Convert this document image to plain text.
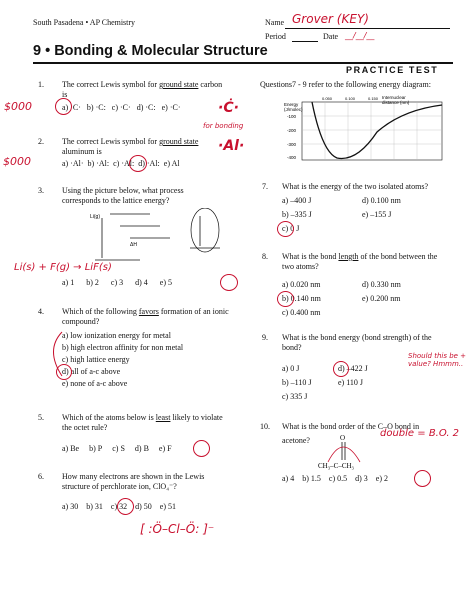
South Pasadena • AP Chemistry	Name Grover (KEY)
Period	Date __/__/__
9 • Bonding & Molecular Structure
PRACTICE TEST
1. The correct Lewis symbol for ground state carbon
is
a) ·C· b) ·C: c) ·C· d) ·C: e) ·C·
$000	·Ċ·
2. The correct Lewis symbol for ground state
aluminum is
a) ·Al· b) ·Al: c) ·Al: d) ·Al: e) Al
$000
for bonding
·Al·
3. Using the picture below, what process
corresponds to the lattice energy?
Li(g)
ΔH
Li(s) + F(g) → LiF(s)
a) 1 b) 2 c) 3 d) 4 e) 5
4. Which of the following favors formation of an ionic
compound?
a) low ionization energy for metal
b) high electron affinity for non metal
c) high lattice energy
d) all of a-c above
e) none of a-c above
5. Which of the atoms below is least likely to violate
the octet rule?
a) Be b) P c) S d) B e) F
6. How many electrons are shown in the Lewis
structure of perchlorate ion, ClO₄⁻?
a) 30 b) 31 c) 32 d) 50 e) 51
[ :Ö–Cl–Ö: ]⁻
Questions7 - 9 refer to the following energy diagram:
Energy
(J/molec)
Internuclear
distance (nm)
-100
-200
-300
-400
0.050	0.100	0.150
7. What is the energy of the two isolated atoms?
a) –400 J
b) –335 J
c) 0 J
d) 0.100 nm
e) –155 J
8. What is the bond length of the bond between the
two atoms?
a) 0.020 nm
b) 0.140 nm
c) 0.400 nm
d) 0.330 nm
e) 0.200 nm
9. What is the bond energy (bond strength) of the
bond?
a) 0 J
b) –110 J
c) 335 J
d) –422 J
e) 110 J
Should this be + value? Hmmm..
10. What is the bond order of the C–O bond in
acetone?	O
CH₃–C–CH₃
double = B.O. 2
a) 4 b) 1.5 c) 0.5 d) 3 e) 2
